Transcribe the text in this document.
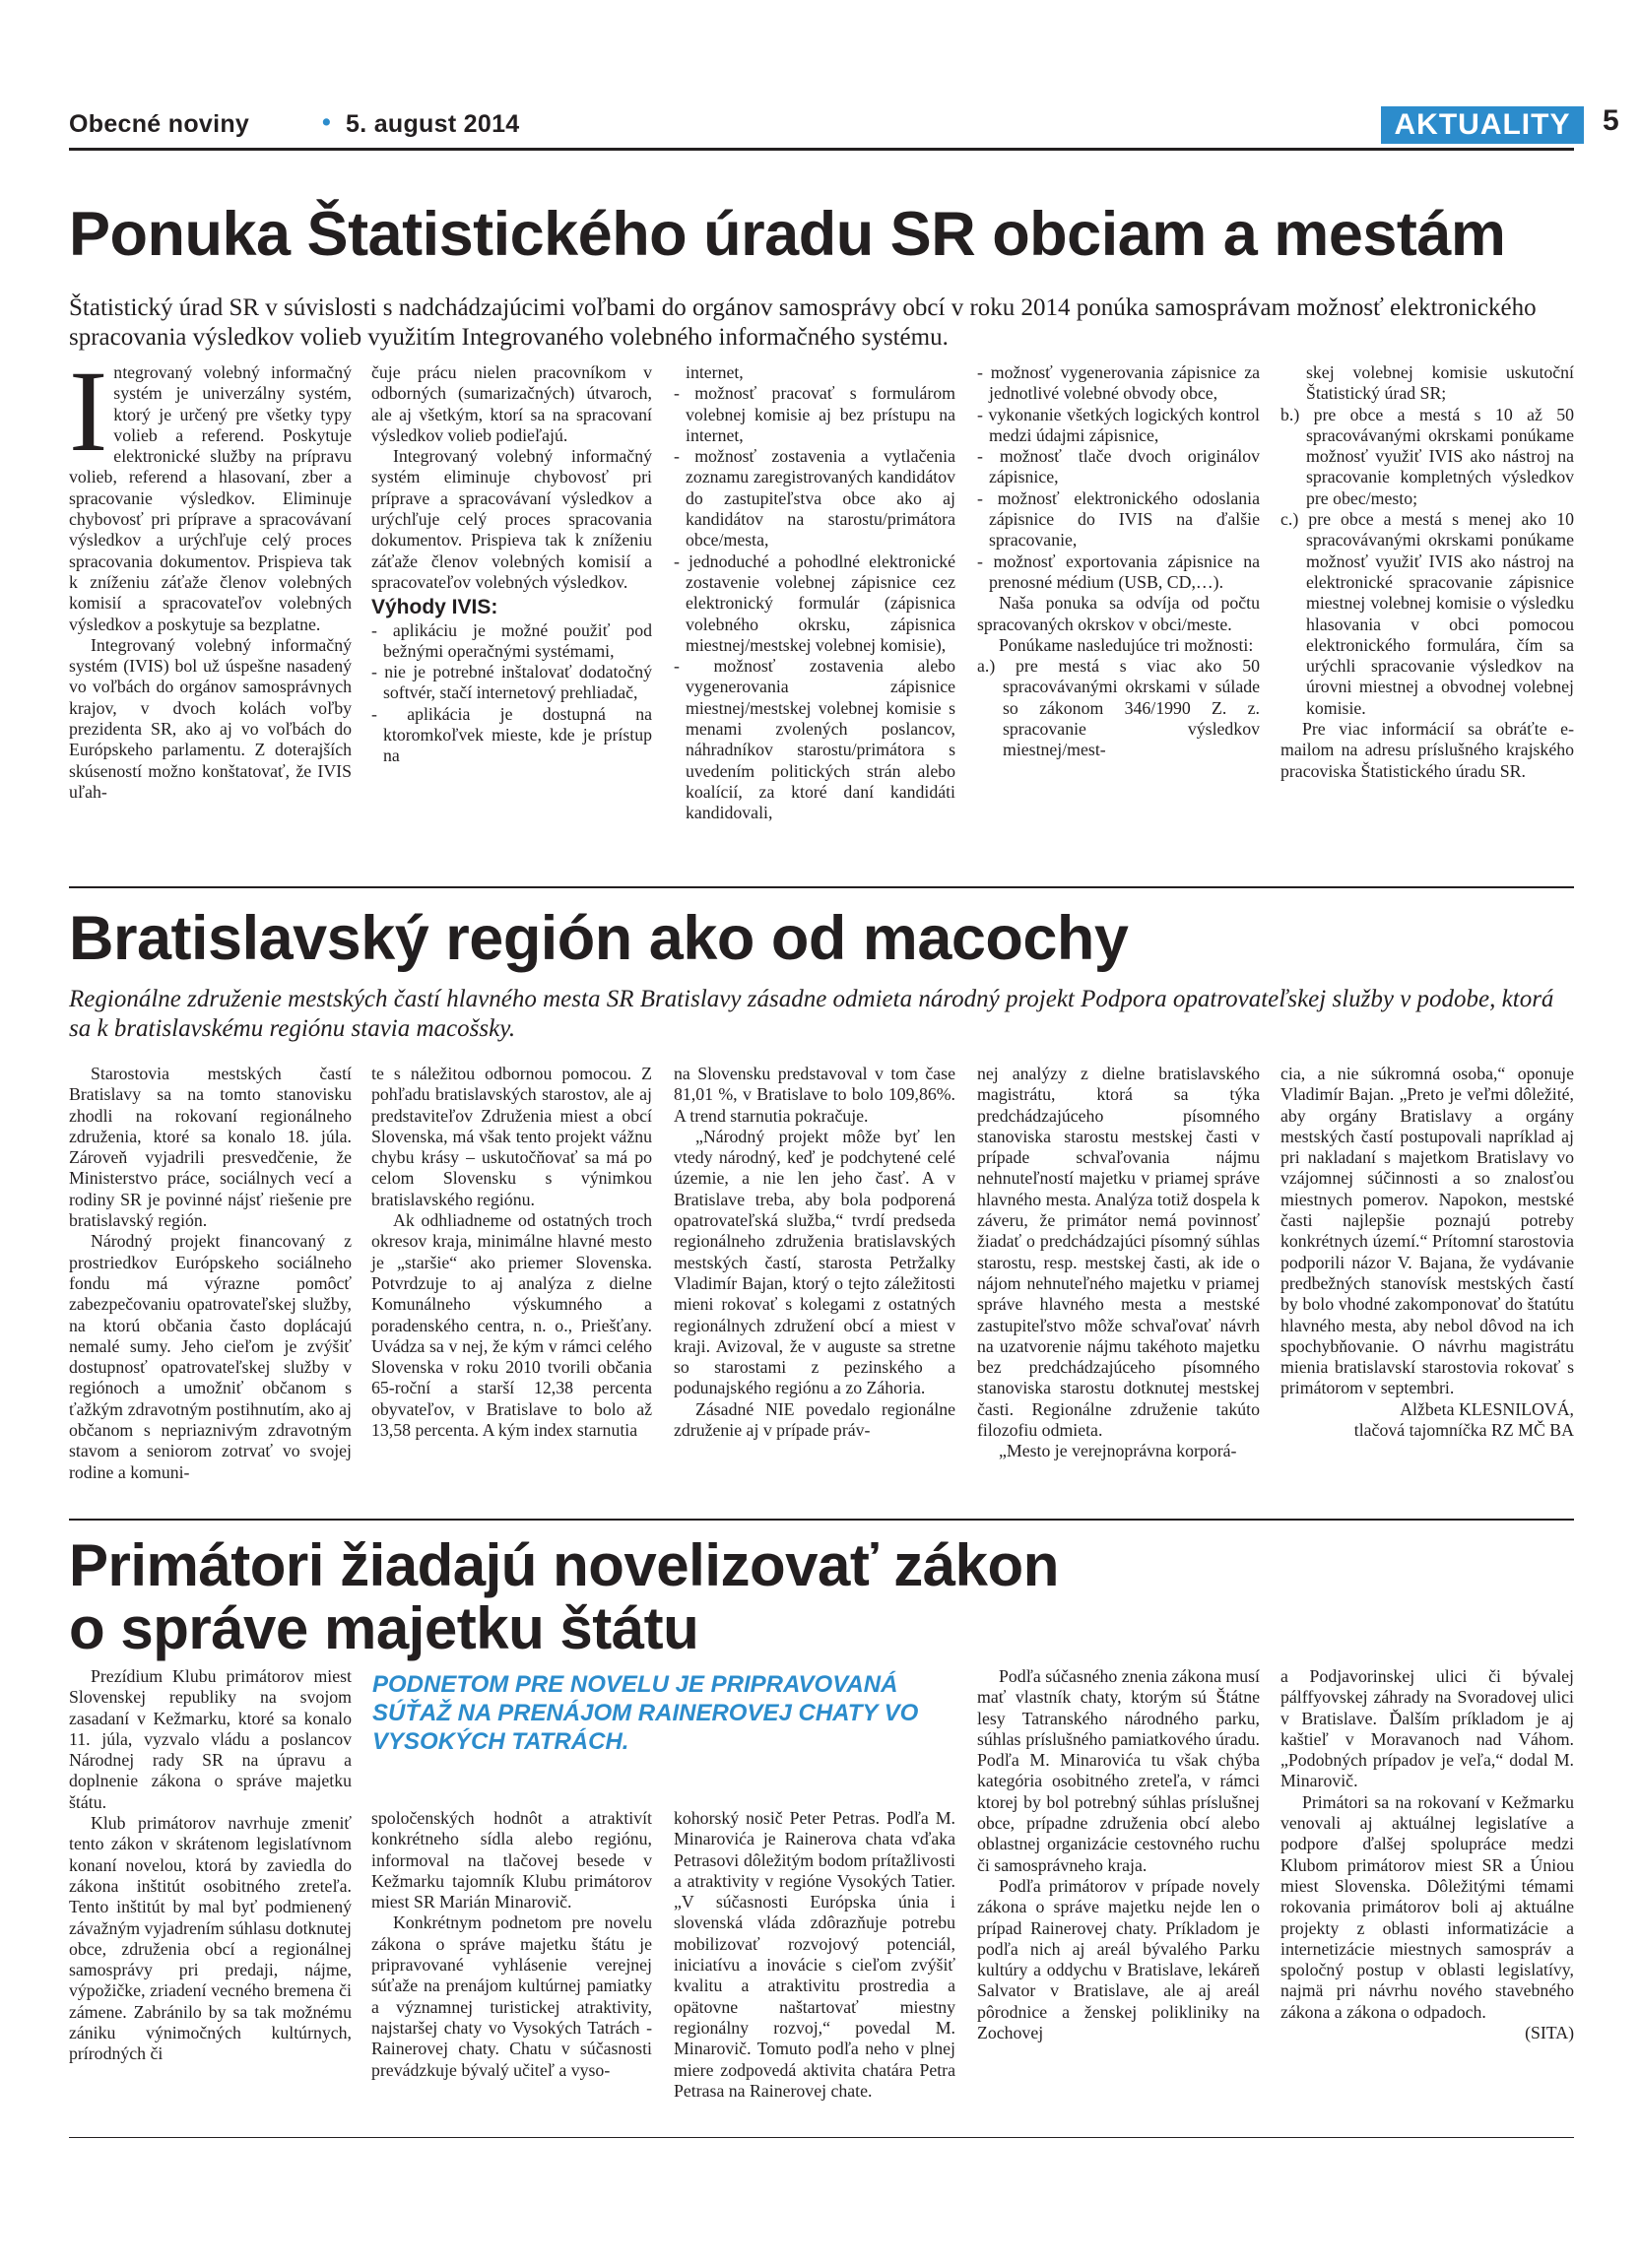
Obecné noviny	• 5. august 2014	AKTUALITY	5
Ponuka Štatistického úradu SR obciam a mestám
Štatistický úrad SR v súvislosti s nadchádzajúcimi voľbami do orgánov samosprávy obcí v roku 2014 ponúka samosprávam možnosť elektronického spracovania výsledkov volieb využitím Integrovaného volebného informačného systému.
I ntegrovaný volebný informačný systém je univerzálny systém, ktorý je určený pre všetky typy volieb a referend. Poskytuje elektronické služby na prípravu volieb, referend a hlasovaní, zber a spracovanie výsledkov. Eliminuje chybovosť pri príprave a spracovávaní výsledkov a urýchľuje celý proces spracovania dokumentov. Prispieva tak k zníženiu záťaže členov volebných komisií a spracovateľov volebných výsledkov a poskytuje sa bezplatne.

Integrovaný volebný informačný systém (IVIS) bol už úspešne nasadený vo voľbách do orgánov samosprávnych krajov, v dvoch kolách voľby prezidenta SR, ako aj vo voľbách do Európskeho parlamentu. Z doterajších skúseností možno konštatovať, že IVIS uľah-

čuje prácu nielen pracovníkom v odborných (sumarizačných) útvaroch, ale aj všetkým, ktorí sa na spracovaní výsledkov volieb podieľajú.

Integrovaný volebný informačný systém eliminuje chybovosť pri príprave a spracovávaní výsledkov a urýchľuje celý proces spracovania dokumentov. Prispieva tak k zníženiu záťaže členov volebných komisií a spracovateľov volebných výsledkov.

Výhody IVIS:

- aplikáciu je možné použiť pod bežnými operačnými systémami,

- nie je potrebné inštalovať dodatočný softvér, stačí internetový prehliadač,

- aplikácia je dostupná na ktoromkoľvek mieste, kde je prístup na

internet,

- možnosť pracovať s formulárom volebnej komisie aj bez prístupu na internet,

- možnosť zostavenia a vytlačenia zoznamu zaregistrovaných kandidátov do zastupiteľstva obce ako aj kandidátov na starostu/primátora obce/mesta,

- jednoduché a pohodlné elektronické zostavenie volebnej zápisnice cez elektronický formulár (zápisnica volebného okrsku, zápisnica miestnej/mestskej volebnej komisie),

- možnosť zostavenia alebo vygenerovania zápisnice miestnej/mestskej volebnej komisie s menami zvolených poslancov, náhradníkov starostu/primátora s uvedením politických strán alebo koalícií, za ktoré daní kandidáti kandidovali,

- možnosť vygenerovania zápisnice za jednotlivé volebné obvody obce,

- vykonanie všetkých logických kontrol medzi údajmi zápisnice,

- možnosť tlače dvoch originálov zápisnice,

- možnosť elektronického odoslania zápisnice do IVIS na ďalšie spracovanie,

- možnosť exportovania zápisnice na prenosné médium (USB, CD,…).

Naša ponuka sa odvíja od počtu spracovaných okrskov v obci/meste.

Ponúkame nasledujúce tri možnosti:

a.) pre mestá s viac ako 50 spracovávanými okrskami v súlade so zákonom 346/1990 Z. z. spracovanie výsledkov miestnej/mest-

skej volebnej komisie uskutoční Štatistický úrad SR;

b.) pre obce a mestá s 10 až 50 spracovávanými okrskami ponúkame možnosť využiť IVIS ako nástroj na spracovanie kompletných výsledkov pre obec/mesto;

c.) pre obce a mestá s menej ako 10 spracovávanými okrskami ponúkame možnosť využiť IVIS ako nástroj na elektronické spracovanie zápisnice miestnej volebnej komisie o výsledku hlasovania v obci pomocou elektronického formulára, čím sa urýchli spracovanie výsledkov na úrovni miestnej a obvodnej volebnej komisie.

Pre viac informácií sa obráťte e-mailom na adresu príslušného krajského pracoviska Štatistického úradu SR.

Bratislavský región ako od macochy
Regionálne združenie mestských častí hlavného mesta SR Bratislavy zásadne odmieta národný projekt Podpora opatrovateľskej služby v podobe, ktorá sa k bratislavskému regiónu stavia macošsky.

Starostovia mestských častí Bratislavy sa na tomto stanovisku zhodli na rokovaní regionálneho združenia, ktoré sa konalo 18. júla. Zároveň vyjadrili presvedčenie, že Ministerstvo práce, sociálnych vecí a rodiny SR je povinné nájsť riešenie pre bratislavský región.

Národný projekt financovaný z prostriedkov Európskeho sociálneho fondu má výrazne pomôcť zabezpečovaniu opatrovateľskej služby, na ktorú občania často doplácajú nemalé sumy. Jeho cieľom je zvýšiť dostupnosť opatrovateľskej služby v regiónoch a umožniť občanom s ťažkým zdravotným postihnutím, ako aj občanom s nepriaznivým zdravotným stavom a seniorom zotrvať vo svojej rodine a komuni-

te s náležitou odbornou pomocou. Z pohľadu bratislavských starostov, ale aj predstaviteľov Združenia miest a obcí Slovenska, má však tento projekt vážnu chybu krásy – uskutočňovať sa má po celom Slovensku s výnimkou bratislavského regiónu.

Ak odhliadneme od ostatných troch okresov kraja, minimálne hlavné mesto je „staršie“ ako priemer Slovenska. Potvrdzuje to aj analýza z dielne Komunálneho výskumného a poradenského centra, n. o., Priešťany. Uvádza sa v nej, že kým v rámci celého Slovenska v roku 2010 tvorili občania 65-roční a starší 12,38 percenta obyvateľov, v Bratislave to bolo až 13,58 percenta. A kým index starnutia

na Slovensku predstavoval v tom čase 81,01 %, v Bratislave to bolo 109,86%. A trend starnutia pokračuje.

„Národný projekt môže byť len vtedy národný, keď je podchytené celé územie, a nie len jeho časť. A v Bratislave treba, aby bola podporená opatrovateľská služba,“ tvrdí predseda regionálneho združenia bratislavských mestských častí, starosta Petržalky Vladimír Bajan, ktorý o tejto záležitosti mieni rokovať s kolegami z ostatných regionálnych združení obcí a miest v kraji. Avizoval, že v auguste sa stretne so starostami z pezinského a podunajského regiónu a zo Záhoria.

Zásadné NIE povedalo regionálne združenie aj v prípade práv-

nej analýzy z dielne bratislavského magistrátu, ktorá sa týka predchádzajúceho písomného stanoviska starostu mestskej časti v prípade schvaľovania nájmu nehnuteľností majetku v priamej správe hlavného mesta. Analýza totiž dospela k záveru, že primátor nemá povinnosť žiadať o predchádzajúci písomný súhlas starostu, resp. mestskej časti, ak ide o nájom nehnuteľného majetku v priamej správe hlavného mesta a mestské zastupiteľstvo môže schvaľovať návrh na uzatvorenie nájmu takéhoto majetku bez predchádzajúceho písomného stanoviska starostu dotknutej mestskej časti. Regionálne združenie takúto filozofiu odmieta.

„Mesto je verejnoprávna korporá-

cia, a nie súkromná osoba,“ oponuje Vladimír Bajan. „Preto je veľmi dôležité, aby orgány Bratislavy a orgány mestských častí postupovali napríklad aj pri nakladaní s majetkom Bratislavy vo vzájomnej súčinnosti a so znalosťou miestnych pomerov. Napokon, mestské časti najlepšie poznajú potreby konkrétnych území.“ Prítomní starostovia podporili názor V. Bajana, že vydávanie predbežných stanovísk mestských častí by bolo vhodné zakomponovať do štatútu hlavného mesta, aby nebol dôvod na ich spochybňovanie. O návrhu magistrátu mienia bratislavskí starostovia rokovať s primátorom v septembri.

Alžbeta KLESNILOVÁ,

tlačová tajomníčka RZ MČ BA

Primátori žiadajú novelizovať zákon o správe majetku štátu
PODNETOM PRE NOVELU JE PRIPRAVOVANÁ SÚŤAŽ NA PRENÁJOM RAINEROVEJ CHATY VO VYSOKÝCH TATRÁCH.

Prezídium Klubu primátorov miest Slovenskej republiky na svojom zasadaní v Kežmarku, ktoré sa konalo 11. júla, vyzvalo vládu a poslancov Národnej rady SR na úpravu a doplnenie zákona o správe majetku štátu.

Klub primátorov navrhuje zmeniť tento zákon v skrátenom legislatívnom konaní novelou, ktorá by zaviedla do zákona inštitút osobitného zreteľa. Tento inštitút by mal byť podmienený závažným vyjadrením súhlasu dotknutej obce, združenia obcí a regionálnej samosprávy pri predaji, nájme, výpožičke, zriadení vecného bremena či zámene. Zabránilo by sa tak možnému zániku výnimočných kultúrnych, prírodných či

spoločenských hodnôt a atraktivít konkrétneho sídla alebo regiónu, informoval na tlačovej besede v Kežmarku tajomník Klubu primátorov miest SR Marián Minarovič.

Konkrétnym podnetom pre novelu zákona o správe majetku štátu je pripravované vyhlásenie verejnej súťaže na prenájom kultúrnej pamiatky a významnej turistickej atraktivity, najstaršej chaty vo Vysokých Tatrách - Rainerovej chaty. Chatu v súčasnosti prevádzkuje bývalý učiteľ a vyso-

kohorský nosič Peter Petras. Podľa M. Minarovića je Rainerova chata vďaka Petrasovi dôležitým bodom prítažlivosti a atraktivity v regióne Vysokých Tatier. „V súčasnosti Európska únia i slovenská vláda zdôrazňuje potrebu mobilizovať rozvojový potenciál, iniciatívu a inovácie s cieľom zvýšiť kvalitu a atraktivitu prostredia a opätovne naštartovať miestny regionálny rozvoj,“ povedal M. Minarovič. Tomuto podľa neho v plnej miere zodpovedá aktivita chatára Petra Petrasa na Rainerovej chate.

Podľa súčasného znenia zákona musí mať vlastník chaty, ktorým sú Štátne lesy Tatranského národného parku, súhlas príslušného pamiatkového úradu. Podľa M. Minarovića tu však chýba kategória osobitného zreteľa, v rámci ktorej by bol potrebný súhlas príslušnej obce, prípadne združenia obcí alebo oblastnej organizácie cestovného ruchu či samosprávneho kraja.

Podľa primátorov v prípade novely zákona o správe majetku nejde len o prípad Rainerovej chaty. Príkladom je podľa nich aj areál bývalého Parku kultúry a oddychu v Bratislave, lekáreň Salvator v Bratislave, ale aj areál pôrodnice a ženskej polikliniky na Zochovej

a Podjavorinskej ulici či bývalej pálffyovskej záhrady na Svoradovej ulici v Bratislave. Ďalším príkladom je aj kaštieľ v Moravanoch nad Váhom. „Podobných prípadov je veľa,“ dodal M. Minarovič.

Primátori sa na rokovaní v Kežmarku venovali aj aktuálnej legislatíve a podpore ďalšej spolupráce medzi Klubom primátorov miest SR a Úniou miest Slovenska. Dôležitými témami rokovania primátorov boli aj aktuálne projekty z oblasti informatizácie a internetizácie miestnych samospráv a spoločný postup v oblasti legislatívy, najmä pri návrhu nového stavebného zákona a zákona o odpadoch.

(SITA)
